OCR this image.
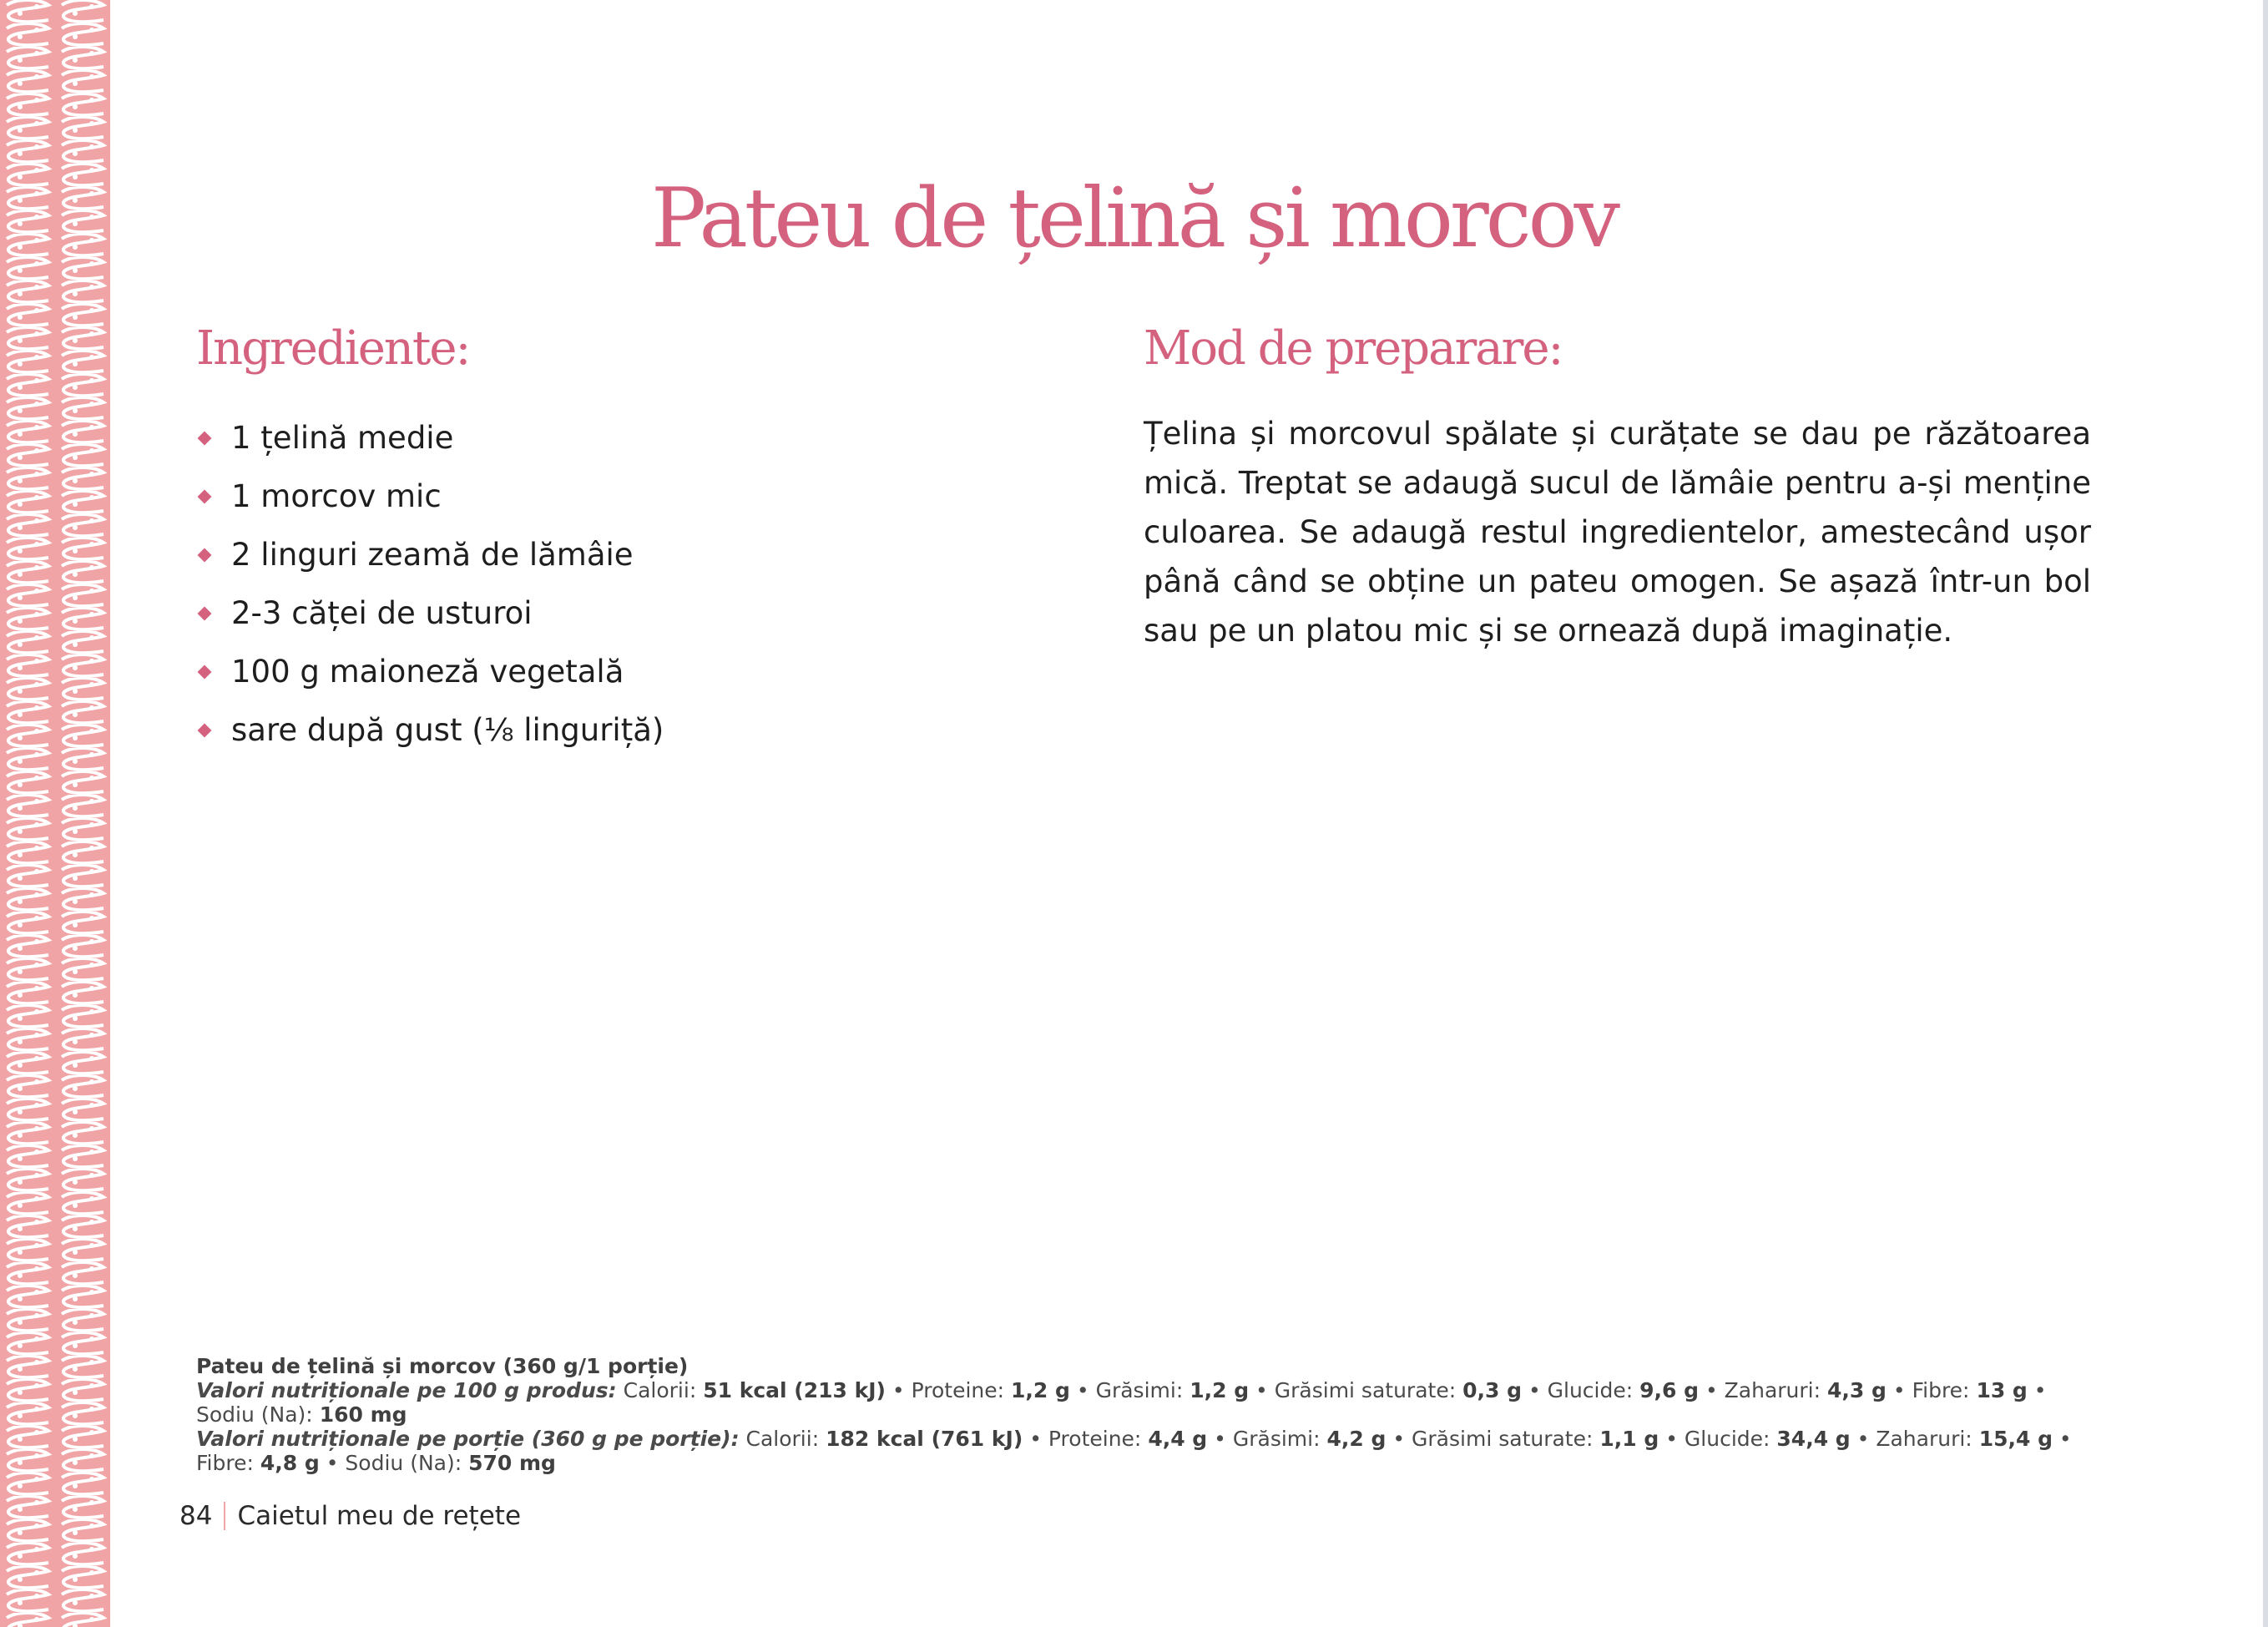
Pateu de țelină și morcov
Ingrediente:
1 țelină medie
1 morcov mic
2 linguri zeamă de lămâie
2-3 căței de usturoi
100 g maioneză vegetală
sare după gust (⅛ linguriță)
Mod de preparare:

Țelina și morcovul spălate și curățate se dau pe răzătoarea mică. Treptat se adaugă sucul de lămâie pentru a-și menține culoarea. Se adaugă restul ingredientelor, amestecând ușor până când se obține un pateu omogen. Se așază într-un bol sau pe un platou mic și se ornează după imaginație.

Pateu de țelină și morcov (360 g/1 porție)

Valori nutriționale pe 100 g produs: Calorii: 51 kcal (213 kJ) • Proteine: 1,2 g • Grăsimi: 1,2 g • Grăsimi saturate: 0,3 g • Glucide: 9,6 g • Zaharuri: 4,3 g • Fibre: 13 g • Sodiu (Na): 160 mg

Valori nutriționale pe porție (360 g pe porție): Calorii: 182 kcal (761 kJ) • Proteine: 4,4 g • Grăsimi: 4,2 g • Grăsimi saturate: 1,1 g • Glucide: 34,4 g • Zaharuri: 15,4 g • Fibre: 4,8 g • Sodiu (Na): 570 mg

84 Caietul meu de rețete
